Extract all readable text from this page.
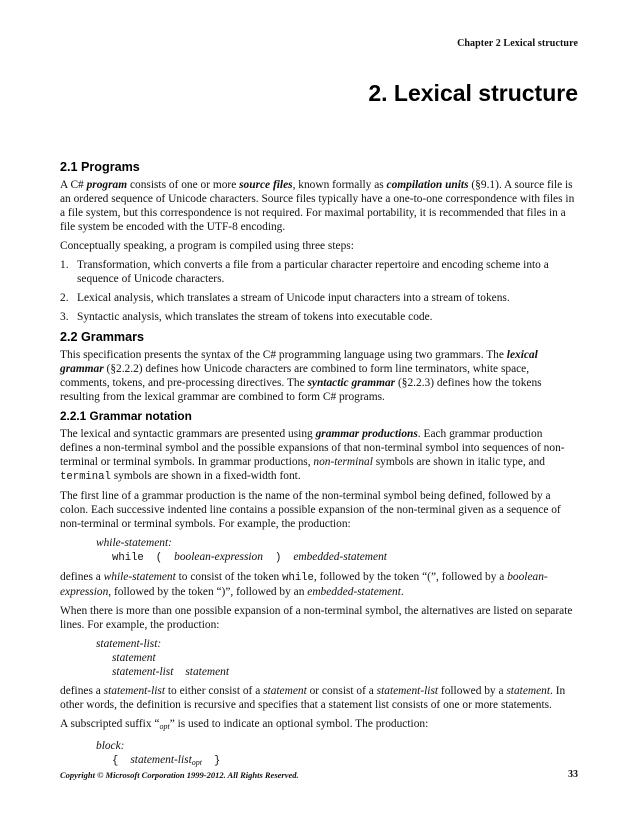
Chapter 2 Lexical structure
2. Lexical structure
2.1 Programs

A C# program consists of one or more source files, known formally as compilation units (§9.1). A source file is an ordered sequence of Unicode characters. Source files typically have a one-to-one correspondence with files in a file system, but this correspondence is not required. For maximal portability, it is recommended that files in a file system be encoded with the UTF-8 encoding.

Conceptually speaking, a program is compiled using three steps:

1. Transformation, which converts a file from a particular character repertoire and encoding scheme into a sequence of Unicode characters.
2. Lexical analysis, which translates a stream of Unicode input characters into a stream of tokens.
3. Syntactic analysis, which translates the stream of tokens into executable code.
2.2 Grammars

This specification presents the syntax of the C# programming language using two grammars. The lexical grammar (§2.2.2) defines how Unicode characters are combined to form line terminators, white space, comments, tokens, and pre-processing directives. The syntactic grammar (§2.2.3) defines how the tokens resulting from the lexical grammar are combined to form C# programs.

2.2.1 Grammar notation

The lexical and syntactic grammars are presented using grammar productions. Each grammar production defines a non-terminal symbol and the possible expansions of that non-terminal symbol into sequences of non-terminal or terminal symbols. In grammar productions, non-terminal symbols are shown in italic type, and terminal symbols are shown in a fixed-width font.

The first line of a grammar production is the name of the non-terminal symbol being defined, followed by a colon. Each successive indented line contains a possible expansion of the non-terminal given as a sequence of non-terminal or terminal symbols. For example, the production:

while-statement:
while ( boolean-expression ) embedded-statement

defines a while-statement to consist of the token while, followed by the token “(”, followed by a boolean-expression, followed by the token “)”, followed by an embedded-statement.

When there is more than one possible expansion of a non-terminal symbol, the alternatives are listed on separate lines. For example, the production:

statement-list:
statement
statement-list statement

defines a statement-list to either consist of a statement or consist of a statement-list followed by a statement. In other words, the definition is recursive and specifies that a statement list consists of one or more statements.

A subscripted suffix “$_{opt}$” is used to indicate an optional symbol. The production:

block:
{ statement-list$_{opt}$ }
Copyright © Microsoft Corporation 1999-2012. All Rights Reserved.	33
